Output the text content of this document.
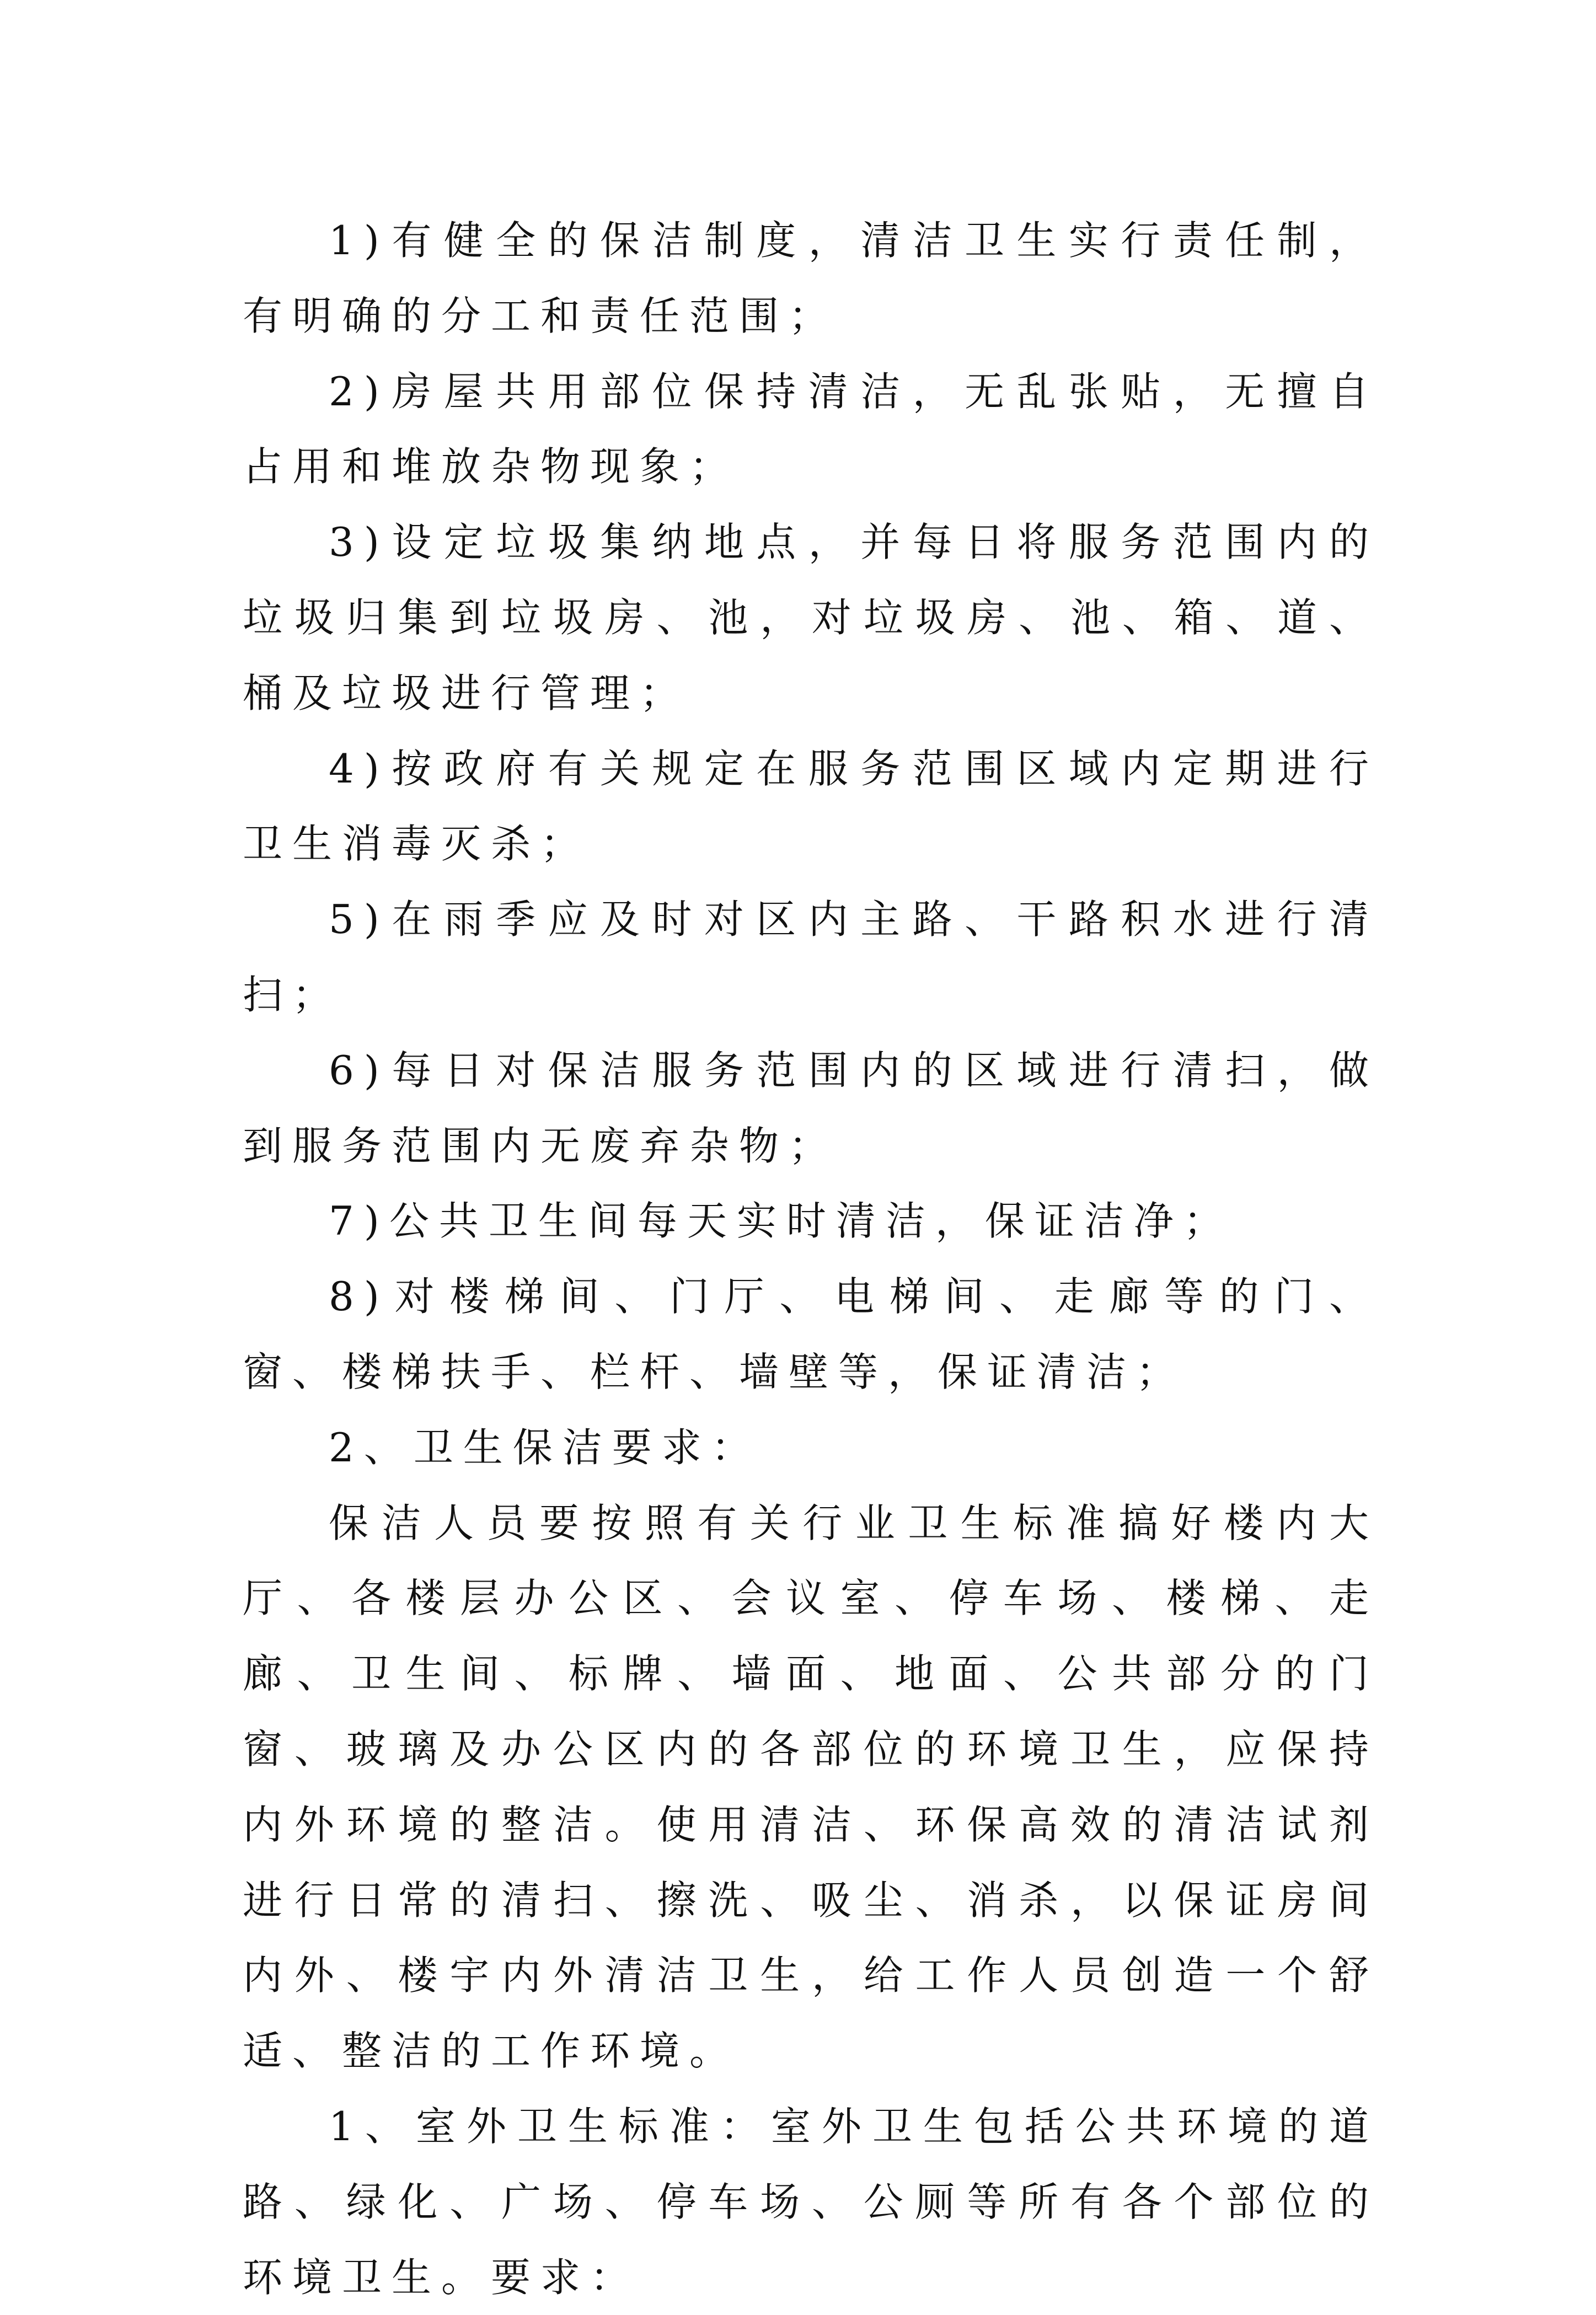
1)有健全的保洁制度，清洁卫生实行责任制，有明确的分工和责任范围；

2)房屋共用部位保持清洁，无乱张贴，无擅自占用和堆放杂物现象；

3)设定垃圾集纳地点，并每日将服务范围内的垃圾归集到垃圾房、池，对垃圾房、池、箱、道、桶及垃圾进行管理；

4)按政府有关规定在服务范围区域内定期进行卫生消毒灭杀；

5)在雨季应及时对区内主路、干路积水进行清扫；

6)每日对保洁服务范围内的区域进行清扫，做到服务范围内无废弃杂物；

7)公共卫生间每天实时清洁，保证洁净；

8)对楼梯间、门厅、电梯间、走廊等的门、窗、楼梯扶手、栏杆、墙壁等，保证清洁；

2、卫生保洁要求：

保洁人员要按照有关行业卫生标准搞好楼内大厅、各楼层办公区、会议室、停车场、楼梯、走廊、卫生间、标牌、墙面、地面、公共部分的门窗、玻璃及办公区内的各部位的环境卫生，应保持内外环境的整洁。使用清洁、环保高效的清洁试剂进行日常的清扫、擦洗、吸尘、消杀，以保证房间内外、楼宇内外清洁卫生，给工作人员创造一个舒适、整洁的工作环境。

1、室外卫生标准：室外卫生包括公共环境的道路、绿化、广场、停车场、公厕等所有各个部位的环境卫生。要求：
